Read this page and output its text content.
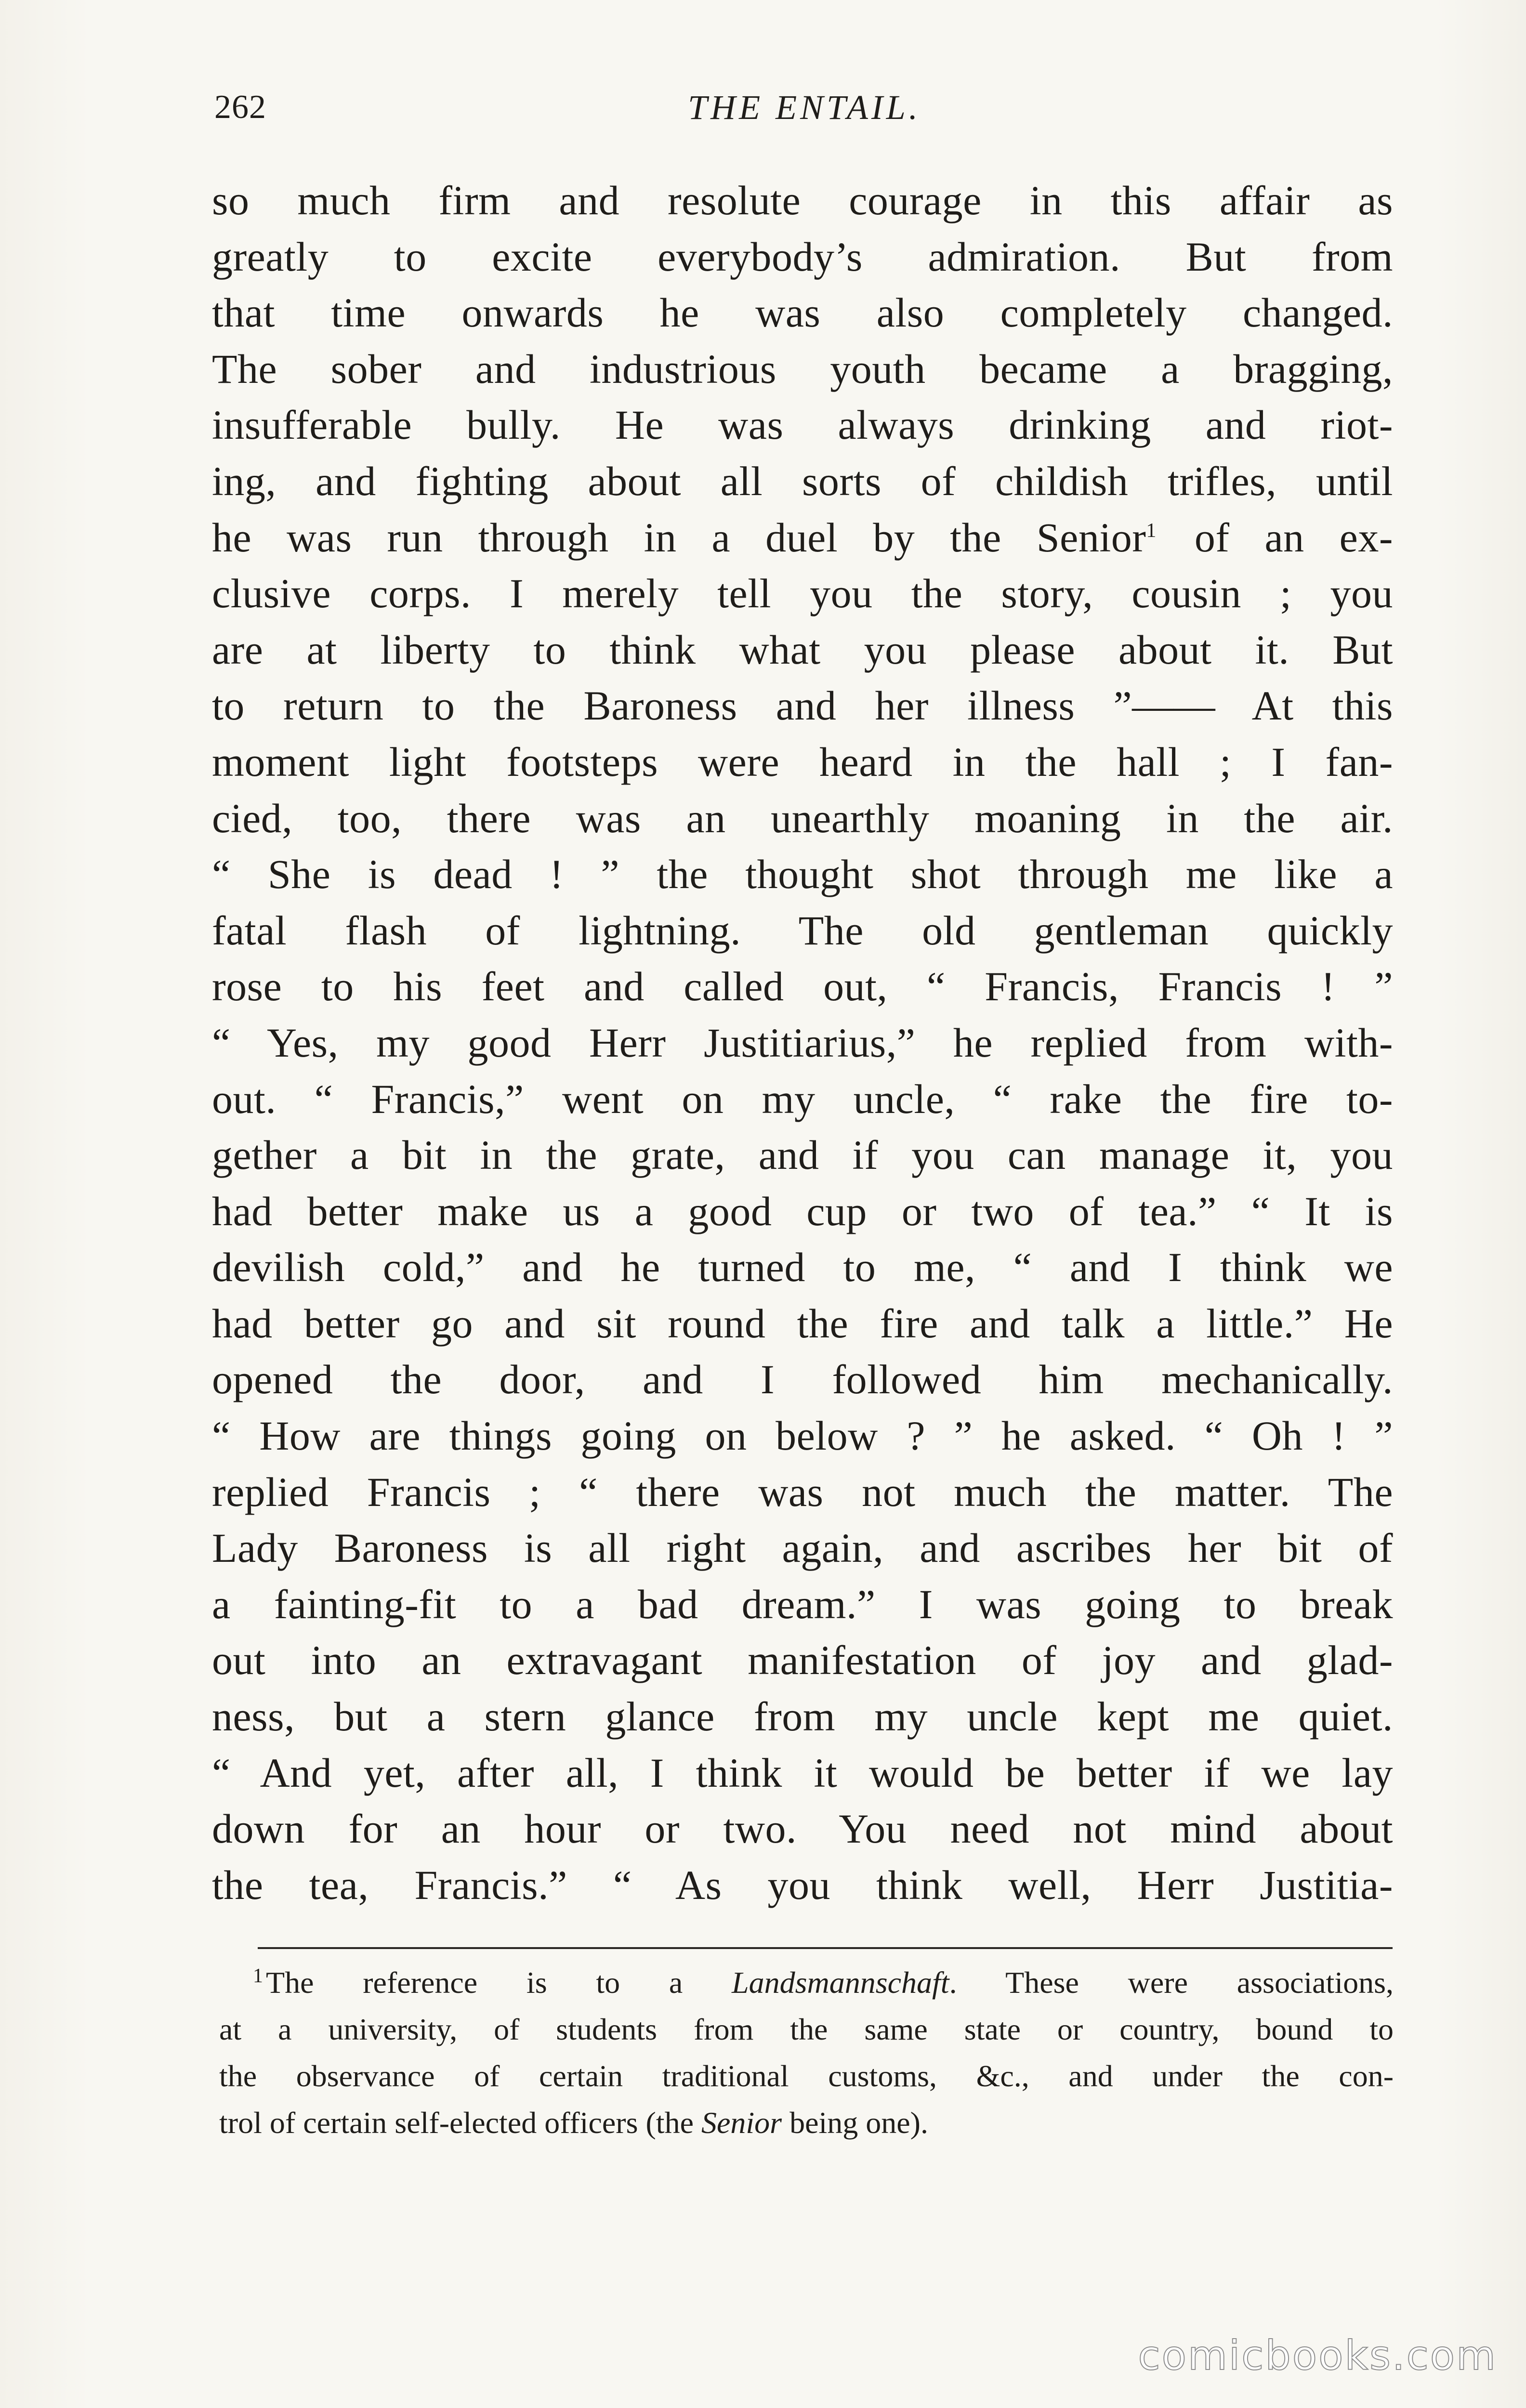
262	THE ENTAIL.
so much firm and resolute courage in this affair as
greatly to excite everybody’s admiration. But from
that time onwards he was also completely changed.
The sober and industrious youth became a bragging,
insufferable bully. He was always drinking and riot-
ing, and fighting about all sorts of childish trifles, until
he was run through in a duel by the Senior$^1$ of an ex-
clusive corps. I merely tell you the story, cousin ; you
are at liberty to think what you please about it. But
to return to the Baroness and her illness ”—— At this
moment light footsteps were heard in the hall ; I fan-
cied, too, there was an unearthly moaning in the air.
“ She is dead ! ” the thought shot through me like a
fatal flash of lightning. The old gentleman quickly
rose to his feet and called out, “ Francis, Francis ! ”
“ Yes, my good Herr Justitiarius,” he replied from with-
out. “ Francis,” went on my uncle, “ rake the fire to-
gether a bit in the grate, and if you can manage it, you
had better make us a good cup or two of tea.” “ It is
devilish cold,” and he turned to me, “ and I think we
had better go and sit round the fire and talk a little.” He
opened the door, and I followed him mechanically.
“ How are things going on below ? ” he asked. “ Oh ! ”
replied Francis ; “ there was not much the matter. The
Lady Baroness is all right again, and ascribes her bit of
a fainting-fit to a bad dream.” I was going to break
out into an extravagant manifestation of joy and glad-
ness, but a stern glance from my uncle kept me quiet.
“ And yet, after all, I think it would be better if we lay
down for an hour or two. You need not mind about
the tea, Francis.” “ As you think well, Herr Justitia-
$^1$The reference is to a Landsmannschaft. These were associations,
at a university, of students from the same state or country, bound to
the observance of certain traditional customs, &c., and under the con-
trol of certain self-elected officers (the Senior being one).
comicbooks.com
